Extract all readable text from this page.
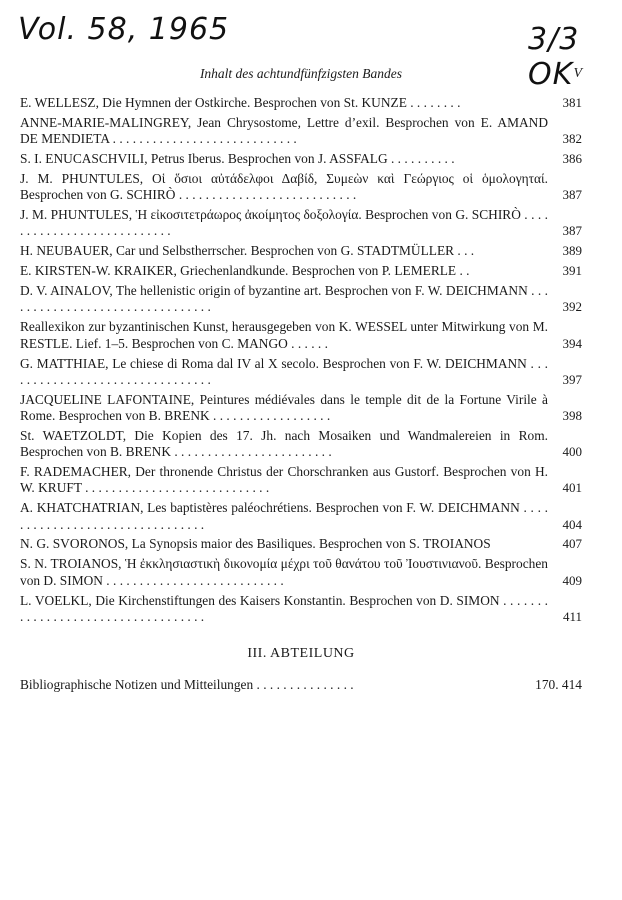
Vol. 58, 1965	3/3 OK
Inhalt des achtundfünfzigsten Bandes	V
E. WELLESZ, Die Hymnen der Ostkirche. Besprochen von St. KUNZE . . . . . . . .	381
ANNE-MARIE-MALINGREY, Jean Chrysostome, Lettre d’exil. Besprochen von E. AMAND DE MENDIETA . . . . . . . . . . . . . . . . . . . . . . . . . . . .	382
S. I. ENUCASCHVILI, Petrus Iberus. Besprochen von J. ASSFALG . . . . . . . . . .	386
J. M. PHUNTULES, Οἱ ὅσιοι αὐτάδελφοι Δαβίδ, Συμεὼν καὶ Γεώργιος οἱ ὁμολογηταί. Besprochen von G. SCHIRÒ . . . . . . . . . . . . . . . . . . . . . . . . . . .	387
J. M. PHUNTULES, Ἡ εἰκοσιτετράωρος ἀκοίμητος δοξολογία. Besprochen von G. SCHIRÒ . . . . . . . . . . . . . . . . . . . . . . . . . . .	387
H. NEUBAUER, Car und Selbstherrscher. Besprochen von G. STADTMÜLLER . . .	389
E. KIRSTEN-W. KRAIKER, Griechenlandkunde. Besprochen von P. LEMERLE . .	391
D. V. AINALOV, The hellenistic origin of byzantine art. Besprochen von F. W. DEICHMANN . . . . . . . . . . . . . . . . . . . . . . . . . . . . . . . .	392
Reallexikon zur byzantinischen Kunst, herausgegeben von K. WESSEL unter Mitwirkung von M. RESTLE. Lief. 1–5. Besprochen von C. MANGO . . . . . .	394
G. MATTHIAE, Le chiese di Roma dal IV al X secolo. Besprochen von F. W. DEICHMANN . . . . . . . . . . . . . . . . . . . . . . . . . . . . . . . .	397
JACQUELINE LAFONTAINE, Peintures médiévales dans le temple dit de la Fortune Virile à Rome. Besprochen von B. BRENK . . . . . . . . . . . . . . . . . .	398
St. WAETZOLDT, Die Kopien des 17. Jh. nach Mosaiken und Wandmalereien in Rom. Besprochen von B. BRENK . . . . . . . . . . . . . . . . . . . . . . . .	400
F. RADEMACHER, Der thronende Christus der Chorschranken aus Gustorf. Besprochen von H. W. KRUFT . . . . . . . . . . . . . . . . . . . . . . . . . . . .	401
A. KHATCHATRIAN, Les baptistères paléochrétiens. Besprochen von F. W. DEICHMANN . . . . . . . . . . . . . . . . . . . . . . . . . . . . . . . .	404
N. G. SVORONOS, La Synopsis maior des Basiliques. Besprochen von S. TROIANOS	407
S. N. TROIANOS, Ἡ ἐκκλησιαστικὴ δικονομία μέχρι τοῦ θανάτου τοῦ Ἰουστινιανοῦ. Besprochen von D. SIMON . . . . . . . . . . . . . . . . . . . . . . . . . . .	409
L. VOELKL, Die Kirchenstiftungen des Kaisers Konstantin. Besprochen von D. SIMON . . . . . . . . . . . . . . . . . . . . . . . . . . . . . . . . . . .	411
III. ABTEILUNG
Bibliographische Notizen und Mitteilungen . . . . . . . . . . . . . . .	170. 414
